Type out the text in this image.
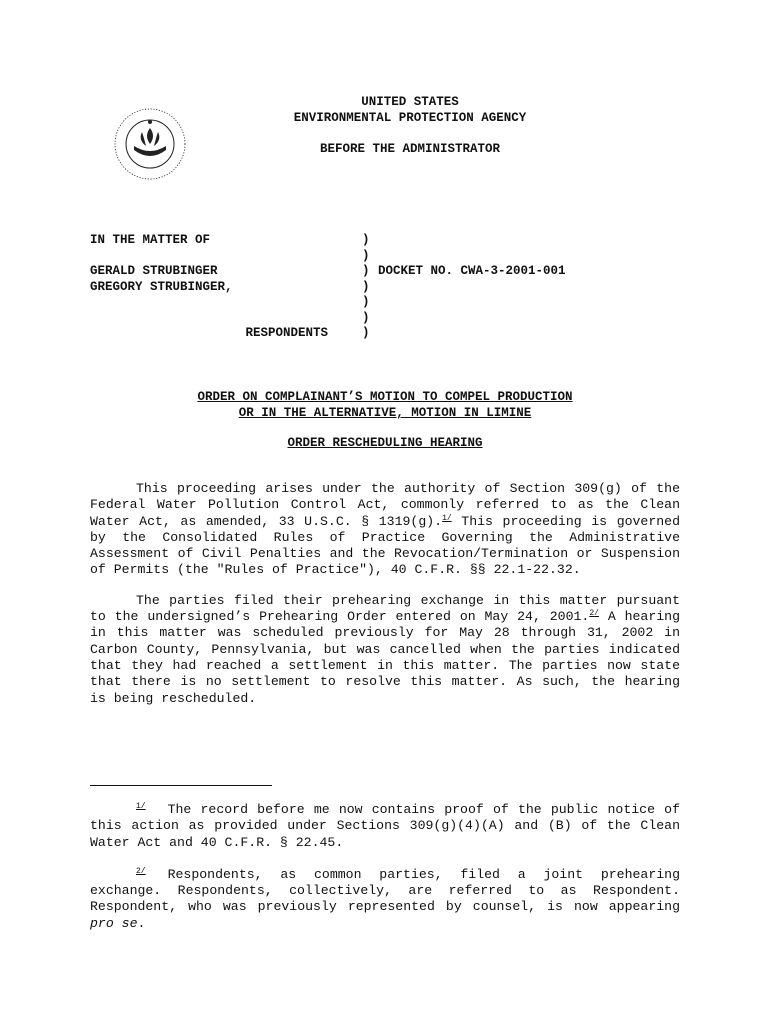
UNITED STATES
ENVIRONMENTAL PROTECTION AGENCY
BEFORE THE ADMINISTRATOR
IN THE MATTER OF	)
)
GERALD STRUBINGER	) DOCKET NO. CWA-3-2001-001
GREGORY STRUBINGER,	)
)
)
RESPONDENTS	)
ORDER ON COMPLAINANT’S MOTION TO COMPEL PRODUCTION
OR IN THE ALTERNATIVE, MOTION IN LIMINE
ORDER RESCHEDULING HEARING

This proceeding arises under the authority of Section 309(g) of the Federal Water Pollution Control Act, commonly referred to as the Clean Water Act, as amended, 33 U.S.C. § 1319(g).$^{1/}$ This proceeding is governed by the Consolidated Rules of Practice Governing the Administrative Assessment of Civil Penalties and the Revocation/Termination or Suspension of Permits (the "Rules of Practice"), 40 C.F.R. §§ 22.1-22.32.

The parties filed their prehearing exchange in this matter pursuant to the undersigned’s Prehearing Order entered on May 24, 2001.$^{2/}$ A hearing in this matter was scheduled previously for May 28 through 31, 2002 in Carbon County, Pennsylvania, but was cancelled when the parties indicated that they had reached a settlement in this matter. The parties now state that there is no settlement to resolve this matter. As such, the hearing is being rescheduled.

$^{1/}$ The record before me now contains proof of the public notice of this action as provided under Sections 309(g)(4)(A) and (B) of the Clean Water Act and 40 C.F.R. § 22.45.

$^{2/}$ Respondents, as common parties, filed a joint prehearing exchange. Respondents, collectively, are referred to as Respondent. Respondent, who was previously represented by counsel, is now appearing pro se.
